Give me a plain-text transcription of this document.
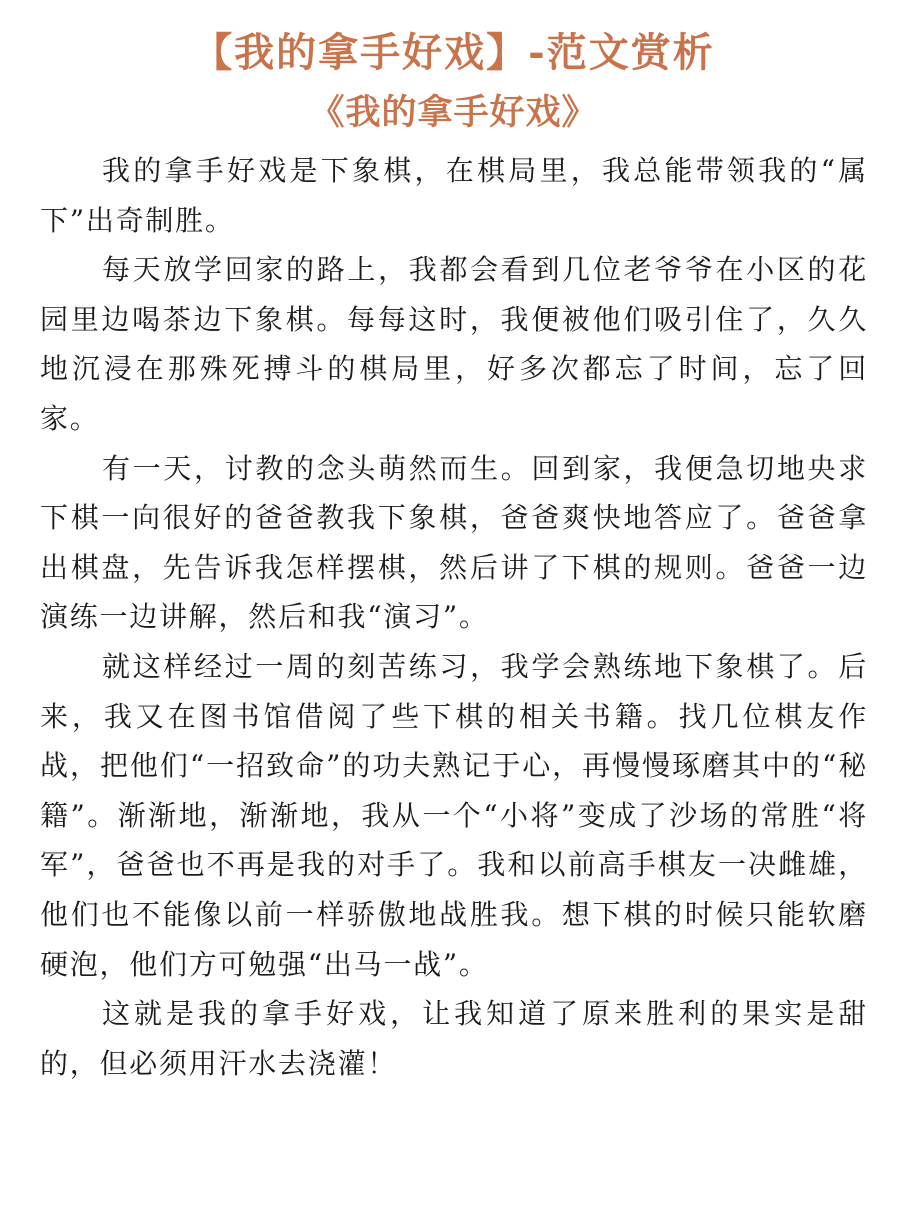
【我的拿手好戏】-范文赏析
《我的拿手好戏》

我的拿手好戏是下象棋，在棋局里，我总能带领我的“属下”出奇制胜。

每天放学回家的路上，我都会看到几位老爷爷在小区的花园里边喝茶边下象棋。每每这时，我便被他们吸引住了，久久地沉浸在那殊死搏斗的棋局里，好多次都忘了时间，忘了回家。

有一天，讨教的念头萌然而生。回到家，我便急切地央求下棋一向很好的爸爸教我下象棋，爸爸爽快地答应了。爸爸拿出棋盘，先告诉我怎样摆棋，然后讲了下棋的规则。爸爸一边演练一边讲解，然后和我“演习”。

就这样经过一周的刻苦练习，我学会熟练地下象棋了。后来，我又在图书馆借阅了些下棋的相关书籍。找几位棋友作战，把他们“一招致命”的功夫熟记于心，再慢慢琢磨其中的“秘籍”。渐渐地，渐渐地，我从一个“小将”变成了沙场的常胜“将军”，爸爸也不再是我的对手了。我和以前高手棋友一决雌雄，他们也不能像以前一样骄傲地战胜我。想下棋的时候只能软磨硬泡，他们方可勉强“出马一战”。

这就是我的拿手好戏，让我知道了原来胜利的果实是甜的，但必须用汗水去浇灌！
